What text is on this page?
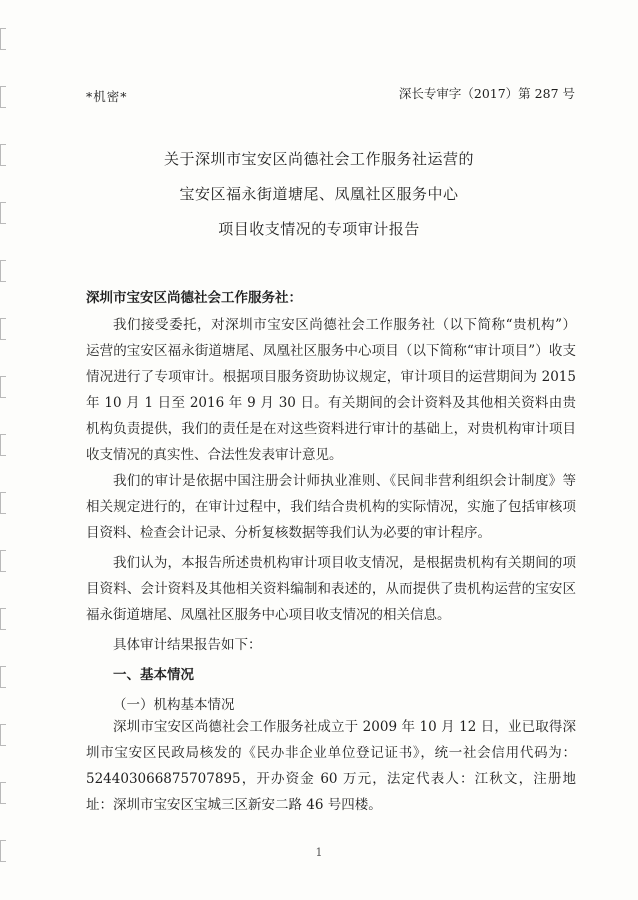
*机密*	深长专审字（2017）第 287 号
关于深圳市宝安区尚德社会工作服务社运营的
宝安区福永街道塘尾、凤凰社区服务中心
项目收支情况的专项审计报告
深圳市宝安区尚德社会工作服务社：

我们接受委托，对深圳市宝安区尚德社会工作服务社（以下简称“贵机构”） 运营的宝安区福永街道塘尾、凤凰社区服务中心项目（以下简称“审计项目”）收支情况进行了专项审计。根据项目服务资助协议规定，审计项目的运营期间为 2015 年 10 月 1 日至 2016 年 9 月 30 日。有关期间的会计资料及其他相关资料由贵机构负责提供，我们的责任是在对这些资料进行审计的基础上，对贵机构审计项目收支情况的真实性、合法性发表审计意见。

我们的审计是依据中国注册会计师执业准则、《民间非营利组织会计制度》等相关规定进行的，在审计过程中，我们结合贵机构的实际情况，实施了包括审核项目资料、检查会计记录、分析复核数据等我们认为必要的审计程序。

我们认为，本报告所述贵机构审计项目收支情况，是根据贵机构有关期间的项目资料、会计资料及其他相关资料编制和表述的，从而提供了贵机构运营的宝安区福永街道塘尾、凤凰社区服务中心项目收支情况的相关信息。

具体审计结果报告如下：

一、基本情况
（一）机构基本情况

深圳市宝安区尚德社会工作服务社成立于 2009 年 10 月 12 日，业已取得深圳市宝安区民政局核发的《民办非企业单位登记证书》，统一社会信用代码为：524403066875707895，开办资金 60 万元，法定代表人：江秋文，注册地址：深圳市宝安区宝城三区新安二路 46 号四楼。

1
